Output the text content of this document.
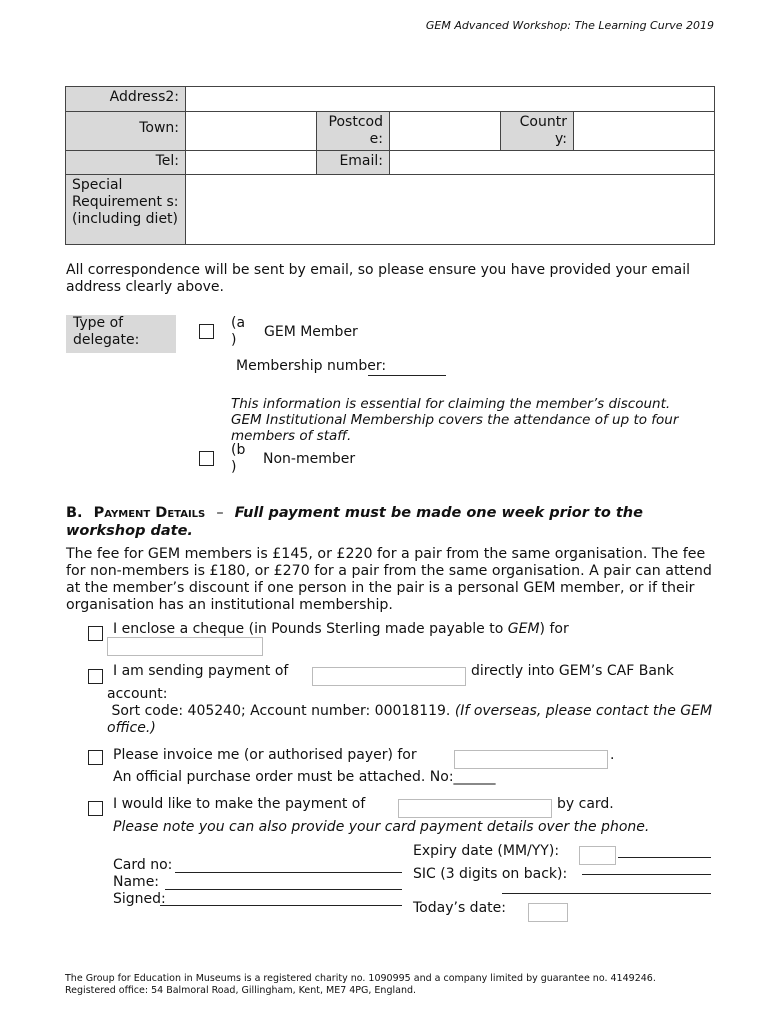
GEM Advanced Workshop: The Learning Curve 2019
Address2:					
Town:		Postcod e:		Countr y:	
Tel:		Email:			
Special Requirement s: (including diet)					
All correspondence will be sent by email, so please ensure you have provided your email address clearly above.
Type of delegate:
(a )	GEM Member
Membership number:
This information is essential for claiming the member’s discount. GEM Institutional Membership covers the attendance of up to four members of staff.
(b )	Non-member
B. Payment Details – Full payment must be made one week prior to the workshop date.
The fee for GEM members is £145, or £220 for a pair from the same organisation. The fee for non-members is £180, or £270 for a pair from the same organisation. A pair can attend at the member’s discount if one person in the pair is a personal GEM member, or if their organisation has an institutional membership.
I enclose a cheque (in Pounds Sterling made payable to GEM) for
I am sending payment of	directly into GEM’s CAF Bank
account:
Sort code: 405240; Account number: 00018119. (If overseas, please contact the GEM office.)
Please invoice me (or authorised payer) for	.
An official purchase order must be attached. No:______
I would like to make the payment of	by card.
Please note you can also provide your card payment details over the phone.
Card no:
Name:
Signed:
Expiry date (MM/YY):
SIC (3 digits on back):
Today’s date:
The Group for Education in Museums is a registered charity no. 1090995 and a company limited by guarantee no. 4149246.
Registered office: 54 Balmoral Road, Gillingham, Kent, ME7 4PG, England.
